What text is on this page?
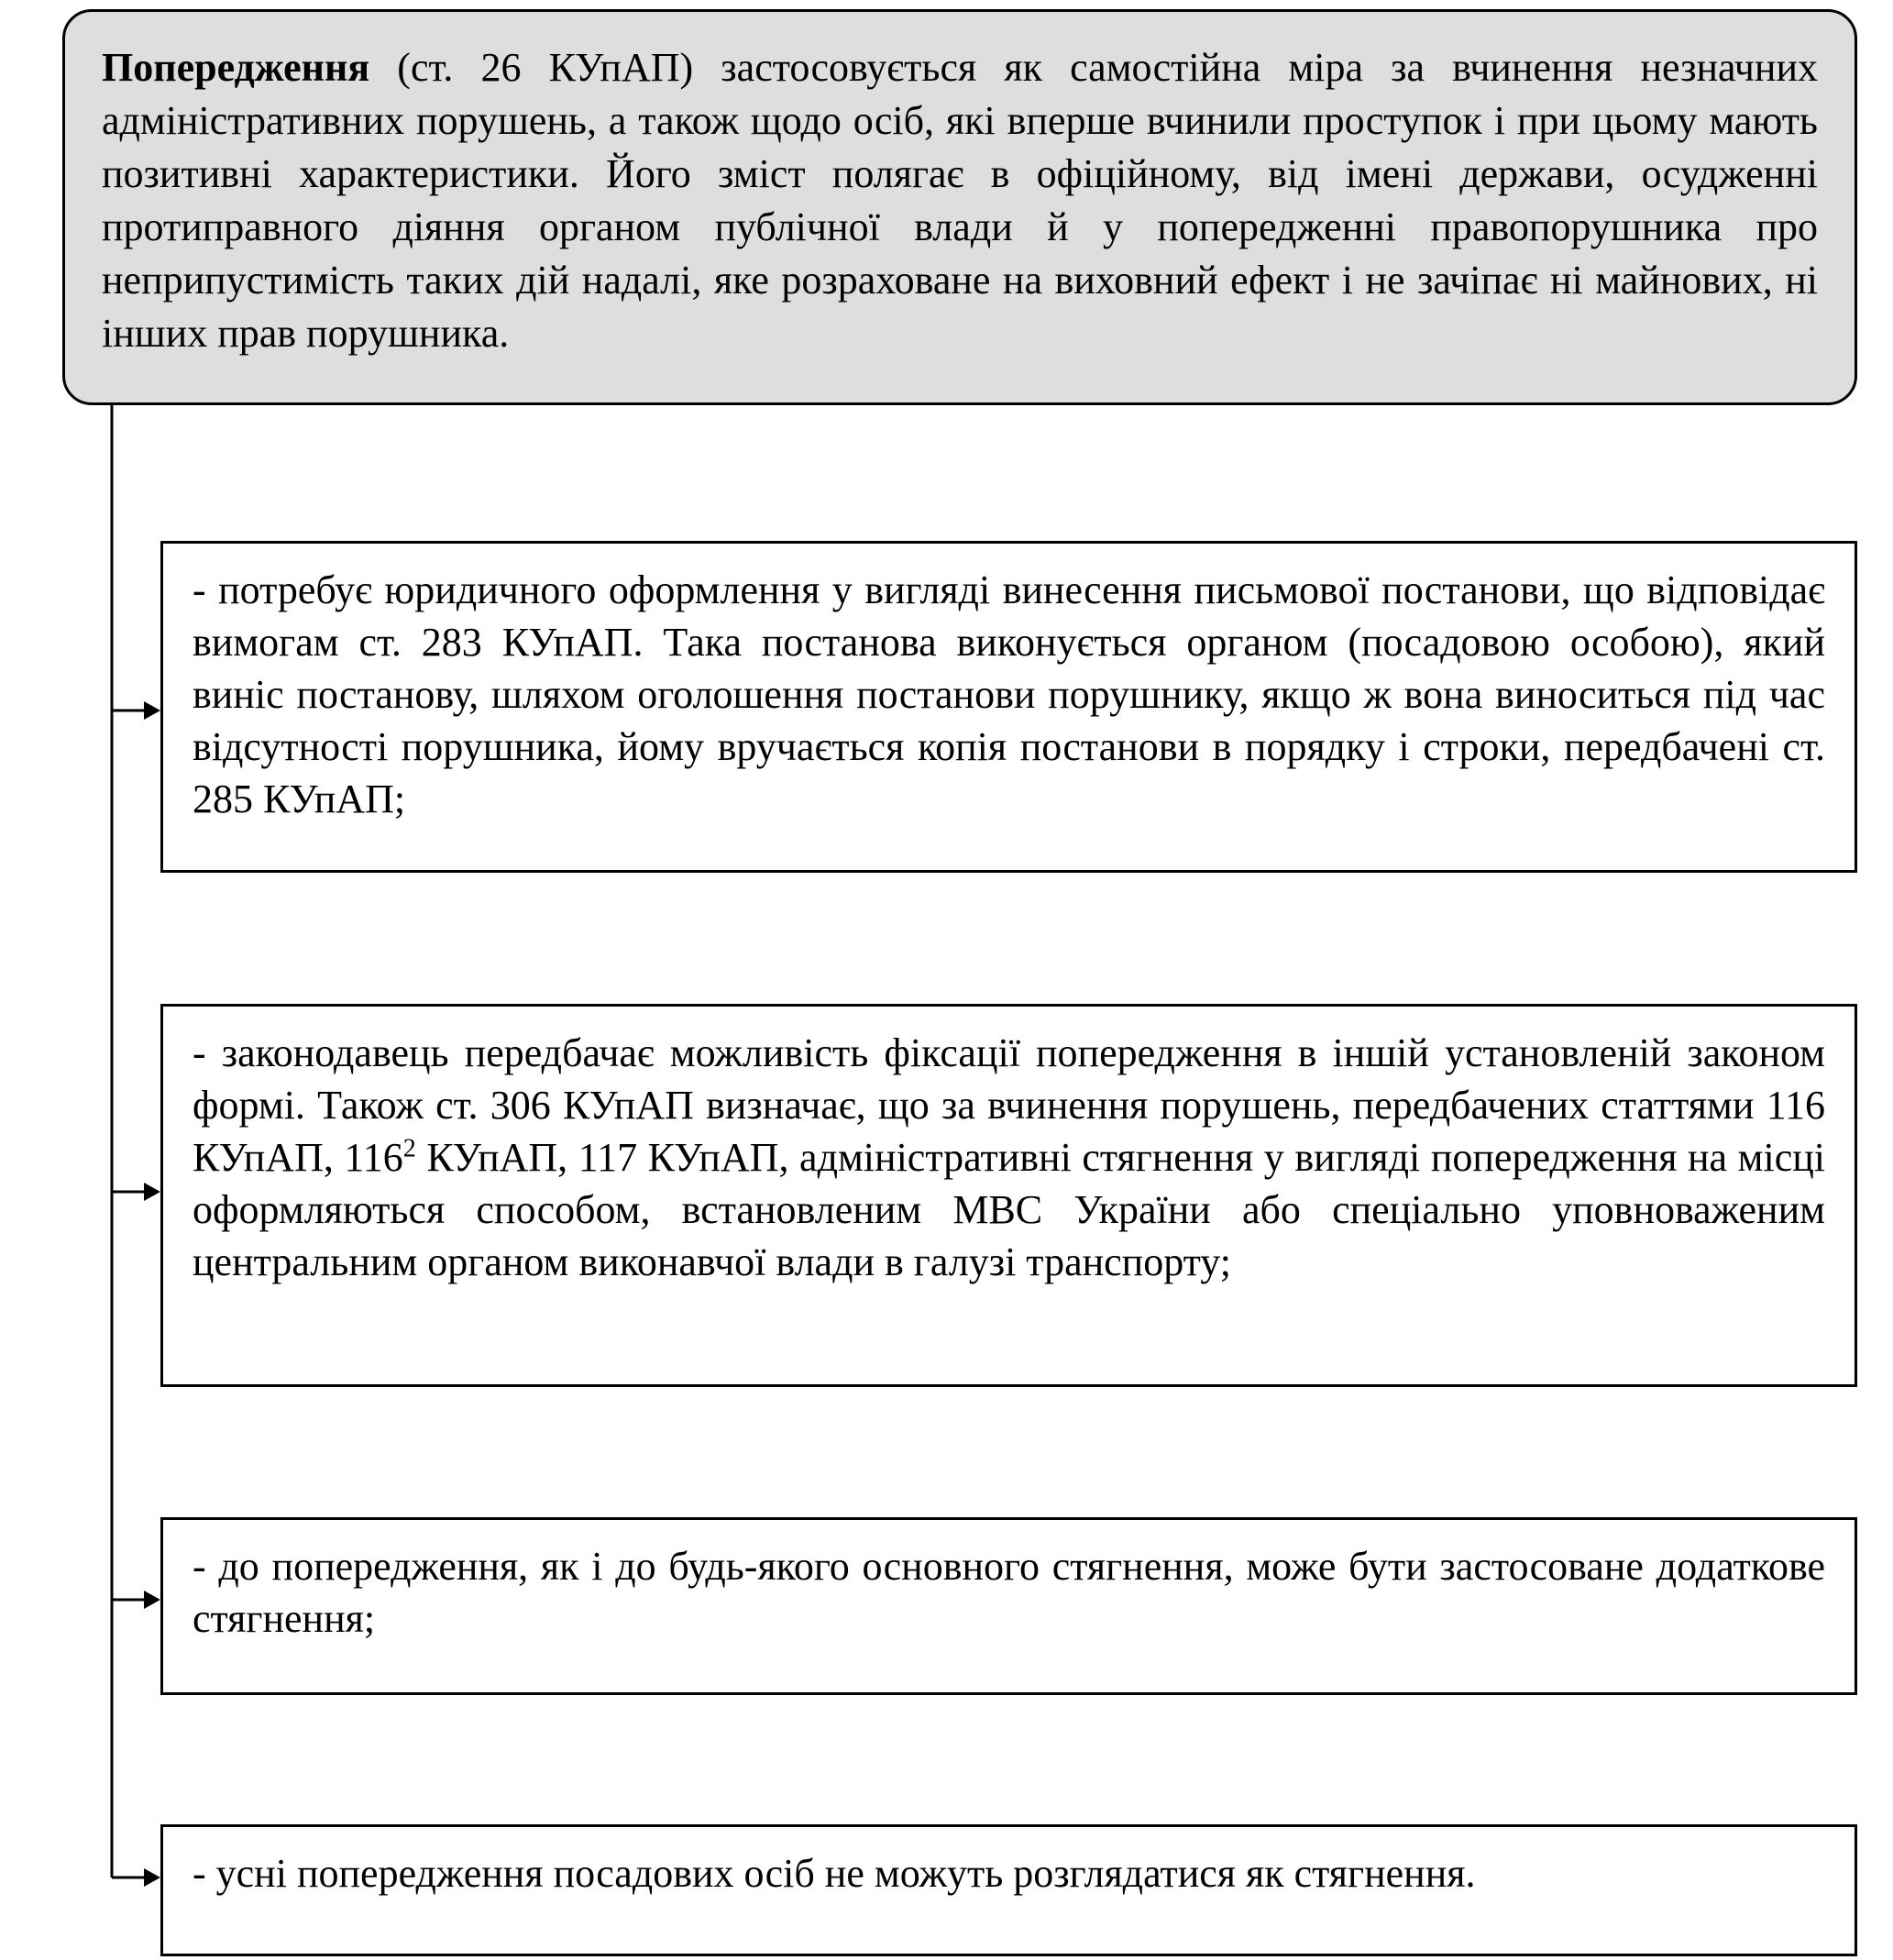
Попередження (ст. 26 КУпАП) застосовується як самостійна міра за вчинення незначних адміністративних порушень, а також щодо осіб, які вперше вчинили проступок і при цьому мають позитивні характеристики. Його зміст полягає в офіційному, від імені держави, осудженні протиправного діяння органом публічної влади й у попередженні правопорушника про неприпустимість таких дій надалі, яке розраховане на виховний ефект і не зачіпає ні майнових, ні інших прав порушника.
- потребує юридичного оформлення у вигляді винесення письмової постанови, що відповідає вимогам ст. 283 КУпАП. Така постанова виконується органом (посадовою особою), який виніс постанову, шляхом оголошення постанови порушнику, якщо ж вона виноситься під час відсутності порушника, йому вручається копія постанови в порядку і строки, передбачені ст. 285 КУпАП;
- законодавець передбачає можливість фіксації попередження в іншій установленій законом формі. Також ст. 306 КУпАП визначає, що за вчинення порушень, передбачених статтями 116 КУпАП, $116^2$ КУпАП, 117 КУпАП, адміністративні стягнення у вигляді попередження на місці оформляються способом, встановленим МВС України або спеціально уповноваженим центральним органом виконавчої влади в галузі транспорту;
- до попередження, як і до будь-якого основного стягнення, може бути застосоване додаткове стягнення;
- усні попередження посадових осіб не можуть розглядатися як стягнення.
